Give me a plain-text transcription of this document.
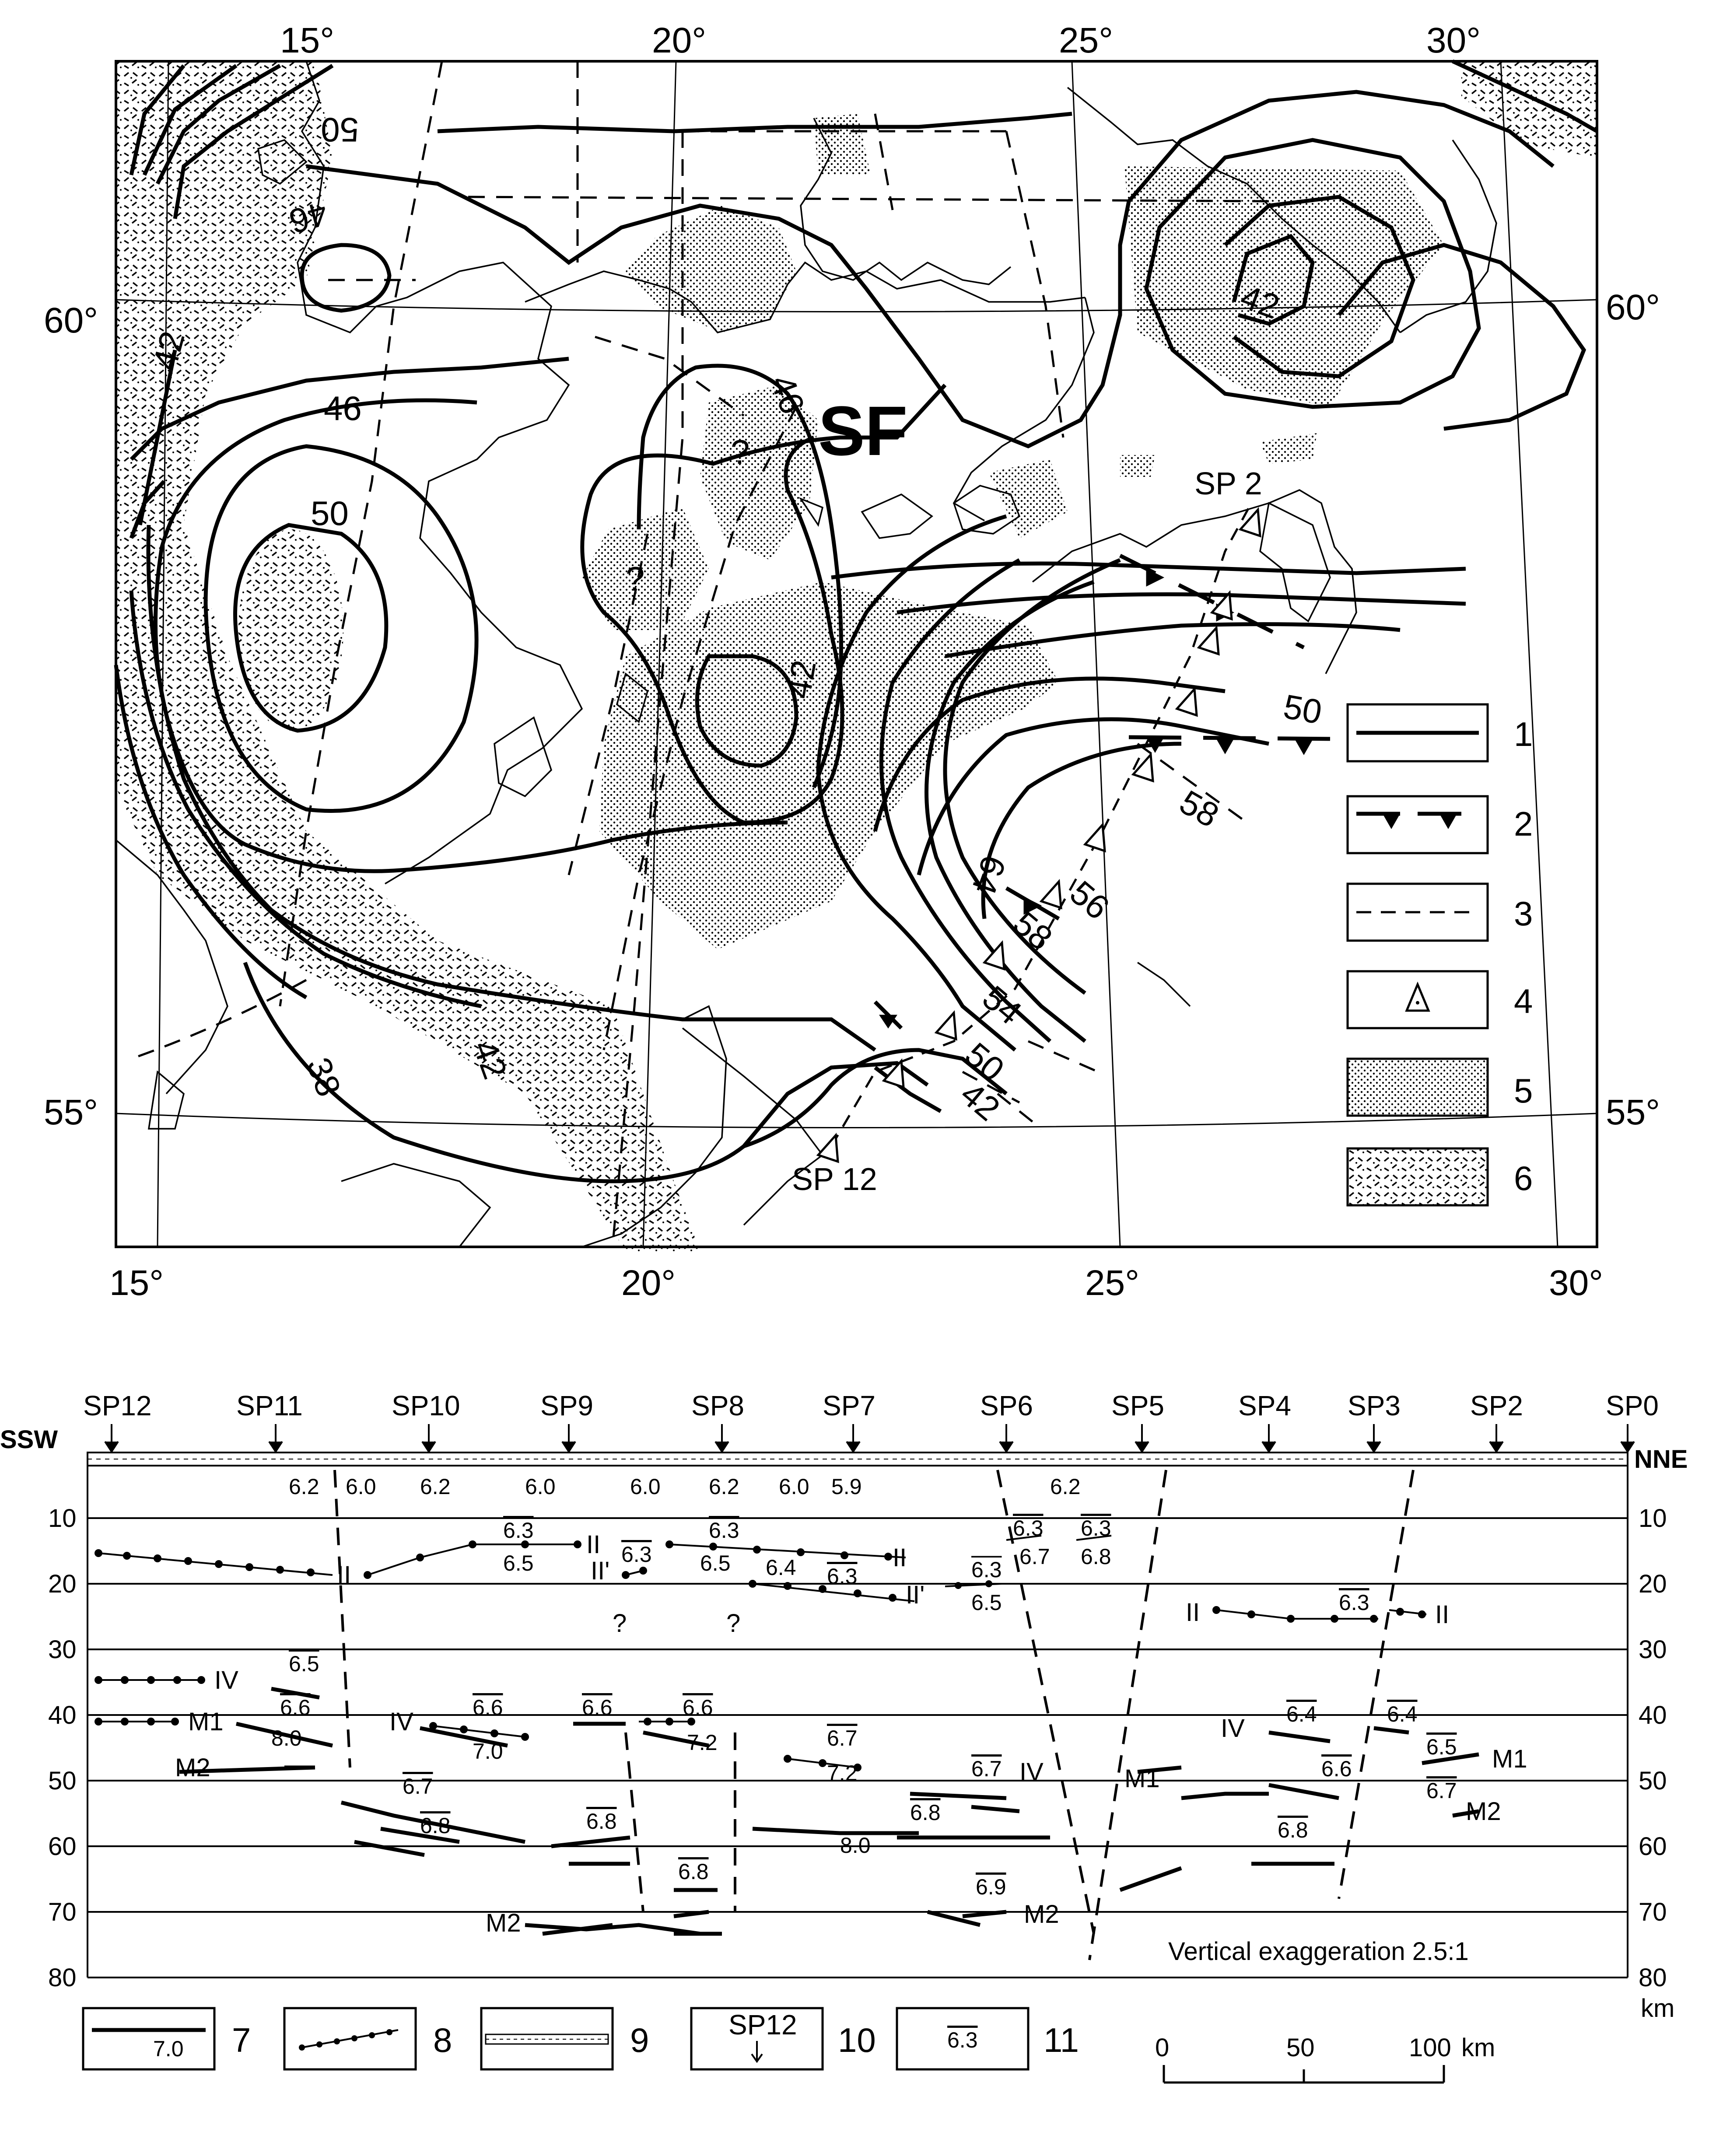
15°	20°	25°	30°
15°	20°	25°	30°
60°
55°
60°
55°
50
46
42
46
50
42
46
42
50
58
64 56
58
54
50
42
42
38
SF
SP 2
SP 12
?
?
1
2
3
4
5
6
10
20
30
40
50
60
70
80
10
20
30
40
50
60
70
80
km
SSW
NNE
SP12	SP11	SP10	SP9	SP8	SP7	SP6	SP5	SP4 SP3 SP2	SP0
6.2 6.0 6.2	6.0	6.0 6.2 6.0 5.9	6.2
6.3	6.3
6.5	6.3 6.5 6.4 6.3
6.3 6.3
6.7 6.8
6.3
6.5	6.3
6.5
6.6
8.0
6.6
7.0
6.6	6.6
7.2	6.7
7.2
6.4	6.4
6.6
6.5
6.7
6.7
6.7
6.8	6.8	6.8
6.8
8.0
6.8
6.9
II
II
II'	II
II'
II	II
IV
M1	IV
IV
IV
M1
M1
M2
M2	M2
M2
?	?
Vertical exaggeration 2.5:1
7.0 7	8	9	SP12 10	6.3 11	0	50	100 km
